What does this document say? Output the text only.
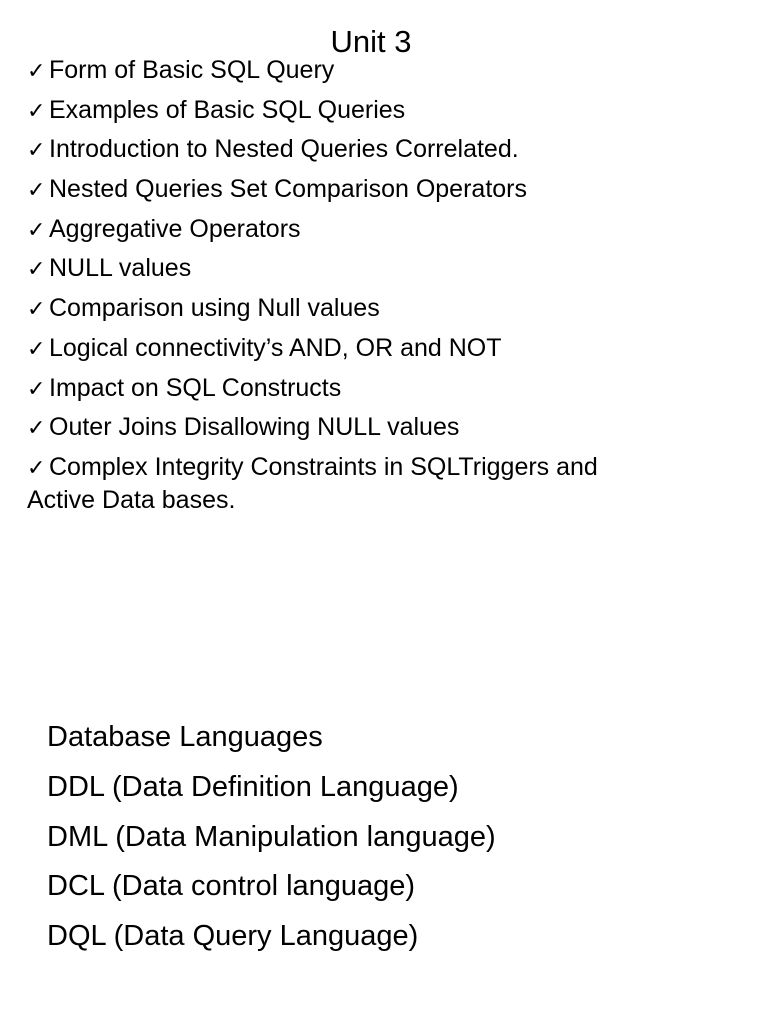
Unit 3
✓ Form of Basic SQL Query
✓ Examples of Basic SQL Queries
✓ Introduction to Nested Queries Correlated.
✓ Nested Queries Set Comparison Operators
✓ Aggregative Operators
✓ NULL values
✓ Comparison using Null values
✓ Logical connectivity’s AND, OR and NOT
✓ Impact on SQL Constructs
✓ Outer Joins Disallowing NULL values
✓ Complex Integrity Constraints in SQLTriggers and Active Data bases.
Database Languages
DDL (Data Definition Language)
DML (Data Manipulation language)
DCL (Data control language)
DQL (Data Query Language)
